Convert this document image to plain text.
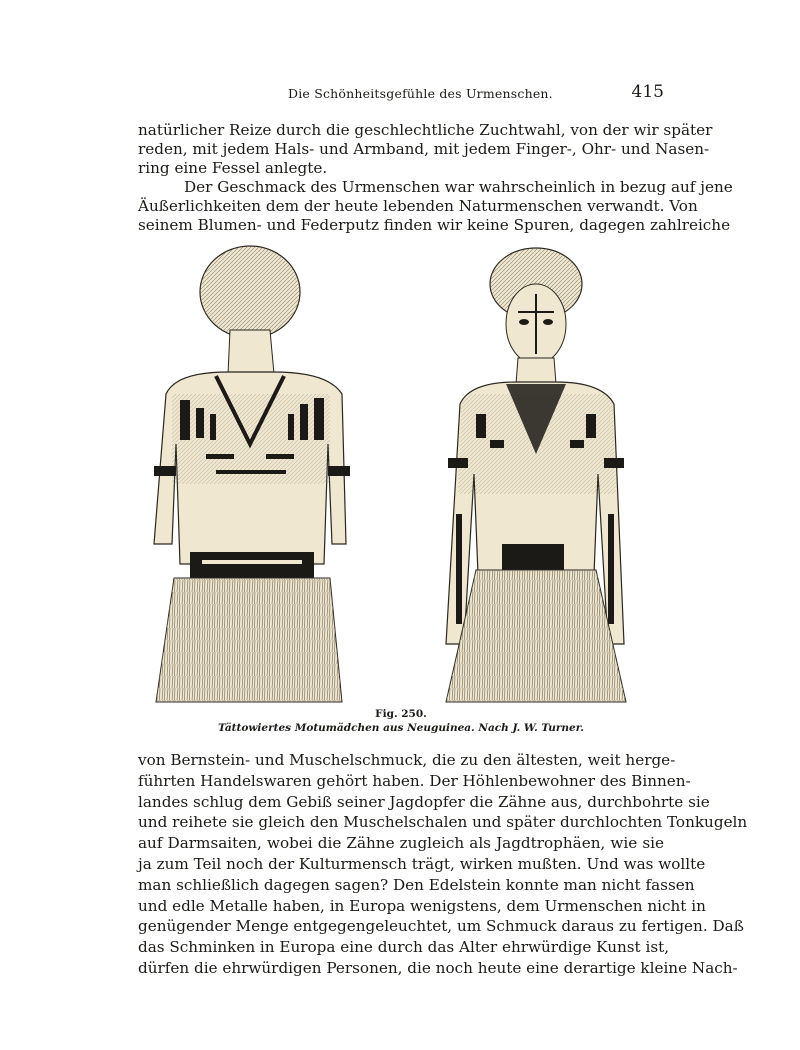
Die Schönheitsgefühle des Urmenschen.	415
natürlicher Reize durch die geschlechtliche Zuchtwahl, von der wir später
reden, mit jedem Hals- und Armband, mit jedem Finger-, Ohr- und Nasen-
ring eine Fessel anlegte.
Der Geschmack des Urmenschen war wahrscheinlich in bezug auf jene
Äußerlichkeiten dem der heute lebenden Naturmenschen verwandt. Von
seinem Blumen- und Federputz finden wir keine Spuren, dagegen zahlreiche
Fig. 250.
Tättowiertes Motumädchen aus Neuguinea. Nach J. W. Turner.
von Bernstein- und Muschelschmuck, die zu den ältesten, weit herge-
führten Handelswaren gehört haben. Der Höhlenbewohner des Binnen-
landes schlug dem Gebiß seiner Jagdopfer die Zähne aus, durchbohrte sie
und reihete sie gleich den Muschelschalen und später durchlochten Tonkugeln
auf Darmsaiten, wobei die Zähne zugleich als Jagdtrophäen, wie sie
ja zum Teil noch der Kulturmensch trägt, wirken mußten. Und was wollte
man schließlich dagegen sagen? Den Edelstein konnte man nicht fassen
und edle Metalle haben, in Europa wenigstens, dem Urmenschen nicht in
genügender Menge entgegengeleuchtet, um Schmuck daraus zu fertigen. Daß
das Schminken in Europa eine durch das Alter ehrwürdige Kunst ist,
dürfen die ehrwürdigen Personen, die noch heute eine derartige kleine Nach-
